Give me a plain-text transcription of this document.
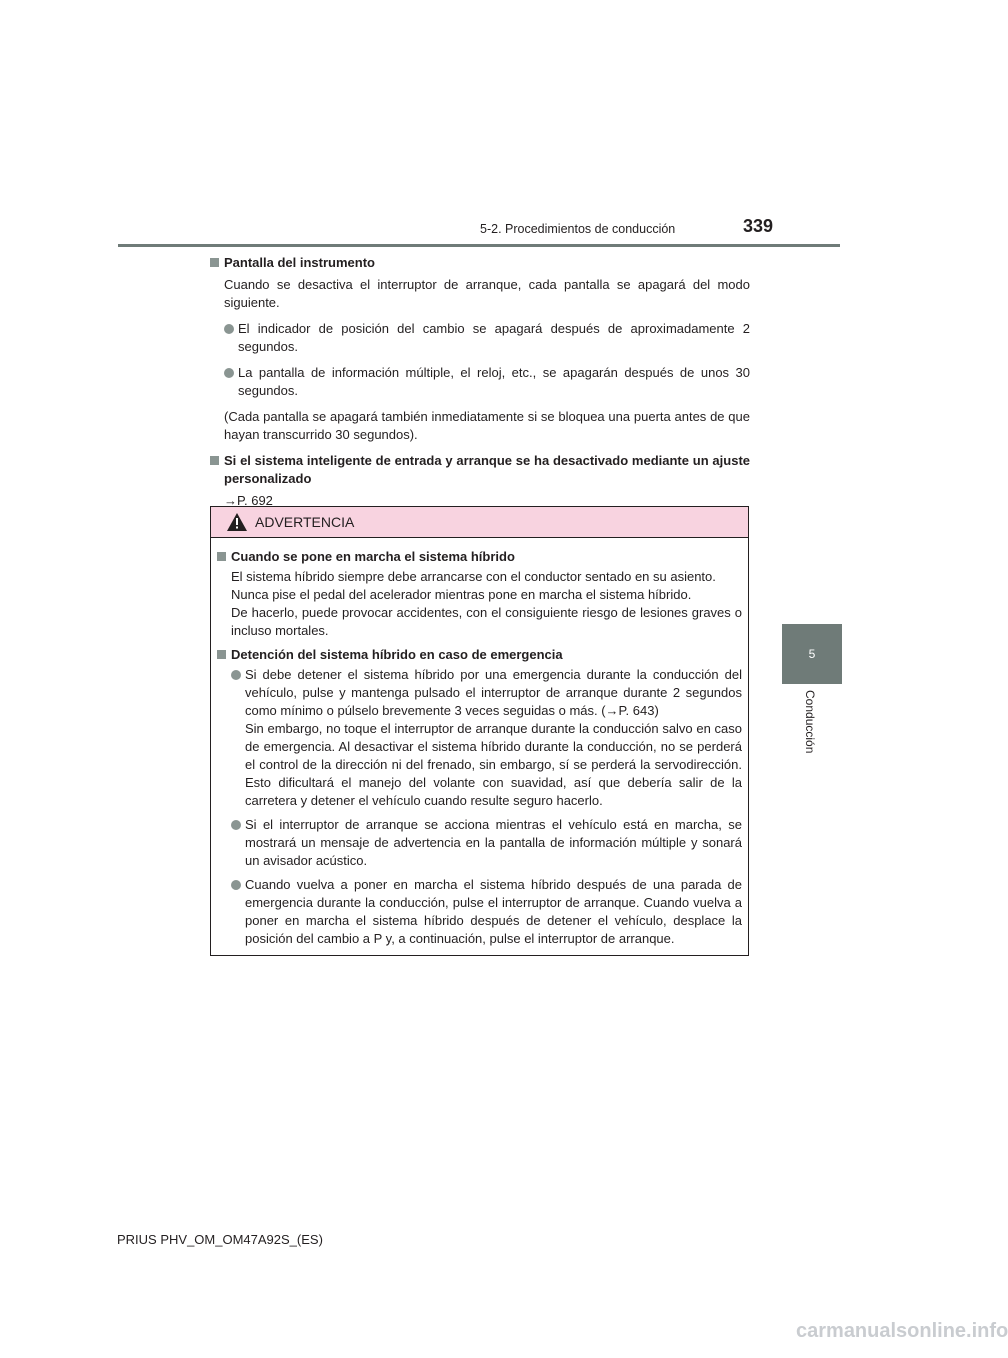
5-2. Procedimientos de conducción	339
5
Conducción
Pantalla del instrumento
Cuando se desactiva el interruptor de arranque, cada pantalla se apagará del modo siguiente.
El indicador de posición del cambio se apagará después de aproximadamente 2 segundos.
La pantalla de información múltiple, el reloj, etc., se apagarán después de unos 30 segundos.
(Cada pantalla se apagará también inmediatamente si se bloquea una puerta antes de que hayan transcurrido 30 segundos).
Si el sistema inteligente de entrada y arranque se ha desactivado mediante un ajuste personalizado
→P. 692
ADVERTENCIA
Cuando se pone en marcha el sistema híbrido
El sistema híbrido siempre debe arrancarse con el conductor sentado en su asiento.
Nunca pise el pedal del acelerador mientras pone en marcha el sistema híbrido.
De hacerlo, puede provocar accidentes, con el consiguiente riesgo de lesiones graves o incluso mortales.
Detención del sistema híbrido en caso de emergencia
Si debe detener el sistema híbrido por una emergencia durante la conducción del vehículo, pulse y mantenga pulsado el interruptor de arranque durante 2 segundos como mínimo o púlselo brevemente 3 veces seguidas o más. (→P. 643)
Sin embargo, no toque el interruptor de arranque durante la conducción salvo en caso de emergencia. Al desactivar el sistema híbrido durante la conducción, no se perderá el control de la dirección ni del frenado, sin embargo, sí se perderá la servodirección. Esto dificultará el manejo del volante con suavidad, así que debería salir de la carretera y detener el vehículo cuando resulte seguro hacerlo.
Si el interruptor de arranque se acciona mientras el vehículo está en marcha, se mostrará un mensaje de advertencia en la pantalla de información múltiple y sonará un avisador acústico.
Cuando vuelva a poner en marcha el sistema híbrido después de una parada de emergencia durante la conducción, pulse el interruptor de arranque. Cuando vuelva a poner en marcha el sistema híbrido después de detener el vehículo, desplace la posición del cambio a P y, a continuación, pulse el interruptor de arranque.
PRIUS PHV_OM_OM47A92S_(ES)
carmanualsonline.info
